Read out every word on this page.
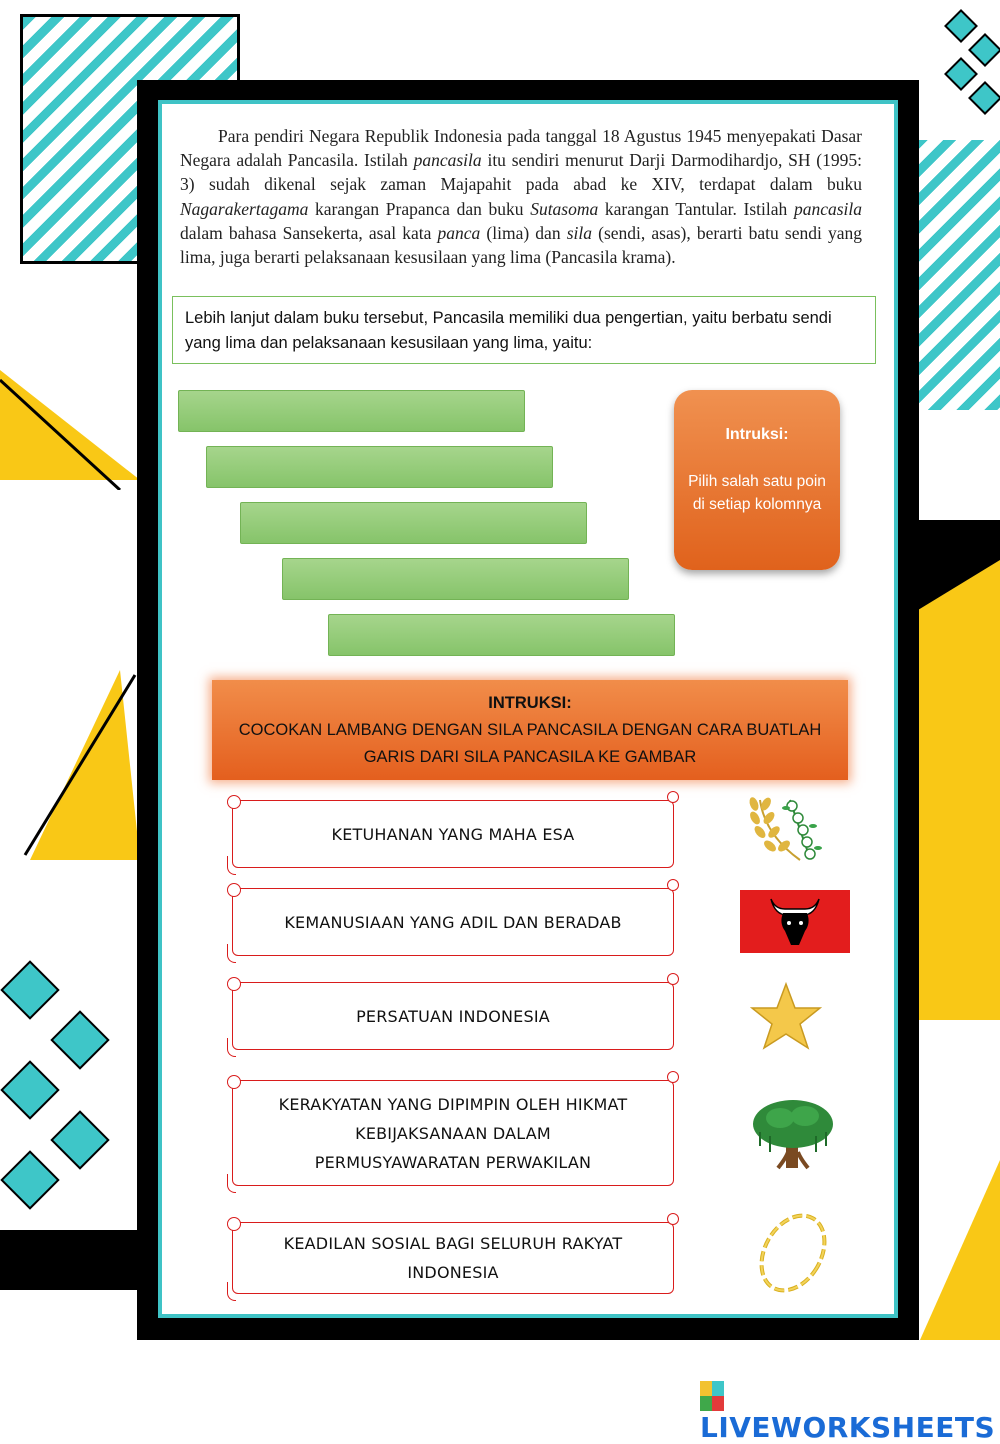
Para pendiri Negara Republik Indonesia pada tanggal 18 Agustus 1945 menyepakati Dasar Negara adalah Pancasila. Istilah pancasila itu sendiri menurut Darji Darmodihardjo, SH (1995: 3) sudah dikenal sejak zaman Majapahit pada abad ke XIV, terdapat dalam buku Nagarakertagama karangan Prapanca dan buku Sutasoma karangan Tantular. Istilah pancasila dalam bahasa Sansekerta, asal kata panca (lima) dan sila (sendi, asas), berarti batu sendi yang lima, juga berarti pelaksanaan kesusilaan yang lima (Pancasila krama).
Lebih lanjut dalam buku tersebut, Pancasila memiliki dua pengertian, yaitu berbatu sendi yang lima dan pelaksanaan kesusilaan yang lima, yaitu:
Intruksi:
Pilih salah satu poin di setiap kolomnya
INTRUKSI:
COCOKAN LAMBANG DENGAN SILA PANCASILA DENGAN CARA BUATLAH GARIS DARI SILA PANCASILA KE GAMBAR
KETUHANAN YANG MAHA ESA
KEMANUSIAAN YANG ADIL DAN BERADAB
PERSATUAN INDONESIA
KERAKYATAN YANG DIPIMPIN OLEH HIKMAT KEBIJAKSANAAN DALAM PERMUSYAWARATAN PERWAKILAN
KEADILAN SOSIAL BAGI SELURUH RAKYAT INDONESIA
LIVEWORKSHEETS
